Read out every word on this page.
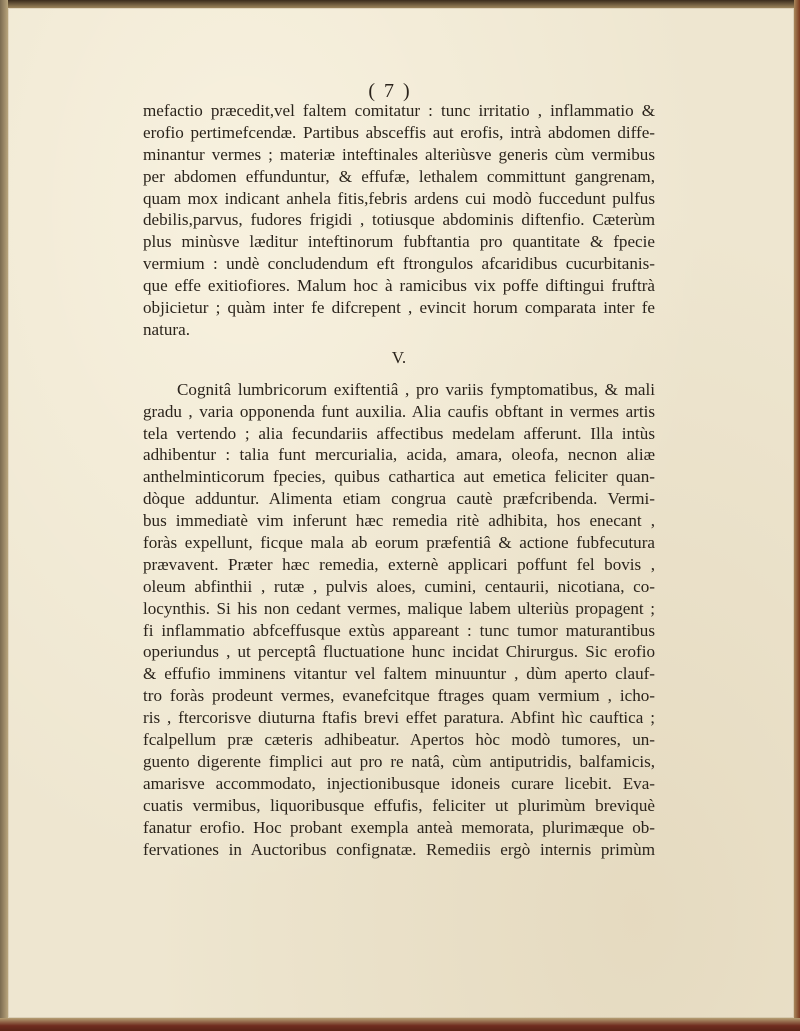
( 7 )
mefactio præcedit,vel faltem comitatur : tunc irritatio , inflammatio &
erofio pertimefcendæ. Partibus absceffis aut erofis, intrà abdomen diffe-
minantur vermes ; materiæ inteftinales alteriùsve generis cùm vermibus
per abdomen effunduntur, & effufæ, lethalem committunt gangrenam,
quam mox indicant anhela fitis,febris ardens cui modò fuccedunt pulfus
debilis,parvus, fudores frigidi , totiusque abdominis diftenfio. Cæterùm
plus minùsve læditur inteftinorum fubftantia pro quantitate & fpecie
vermium : undè concludendum eft ftrongulos afcaridibus cucurbitanis-
que effe exitiofiores. Malum hoc à ramicibus vix poffe diftingui fruftrà
objicietur ; quàm inter fe difcrepent , evincit horum comparata inter fe
natura.
V.
Cognitâ lumbricorum exiftentiâ , pro variis fymptomatibus, & mali
gradu , varia opponenda funt auxilia. Alia caufis obftant in vermes artis
tela vertendo ; alia fecundariis affectibus medelam afferunt. Illa intùs
adhibentur : talia funt mercurialia, acida, amara, oleofa, necnon aliæ
anthelminticorum fpecies, quibus cathartica aut emetica feliciter quan-
dòque adduntur. Alimenta etiam congrua cautè præfcribenda. Vermi-
bus immediatè vim inferunt hæc remedia ritè adhibita, hos enecant ,
foràs expellunt, ficque mala ab eorum præfentiâ & actione fubfecutura
prævavent. Præter hæc remedia, externè applicari poffunt fel bovis ,
oleum abfinthii , rutæ , pulvis aloes, cumini, centaurii, nicotiana, co-
locynthis. Si his non cedant vermes, malique labem ulteriùs propagent ;
fi inflammatio abfceffusque extùs appareant : tunc tumor maturantibus
operiundus , ut perceptâ fluctuatione hunc incidat Chirurgus. Sic erofio
& effufio imminens vitantur vel faltem minuuntur , dùm aperto clauf-
tro foràs prodeunt vermes, evanefcitque ftrages quam vermium , icho-
ris , ftercorisve diuturna ftafis brevi effet paratura. Abfint hìc cauftica ;
fcalpellum præ cæteris adhibeatur. Apertos hòc modò tumores, un-
guento digerente fimplici aut pro re natâ, cùm antiputridis, balfamicis,
amarisve accommodato, injectionibusque idoneis curare licebit. Eva-
cuatis vermibus, liquoribusque effufis, feliciter ut plurimùm breviquè
fanatur erofio. Hoc probant exempla anteà memorata, plurimæque ob-
fervationes in Auctoribus confignatæ. Remediis ergò internis primùm
